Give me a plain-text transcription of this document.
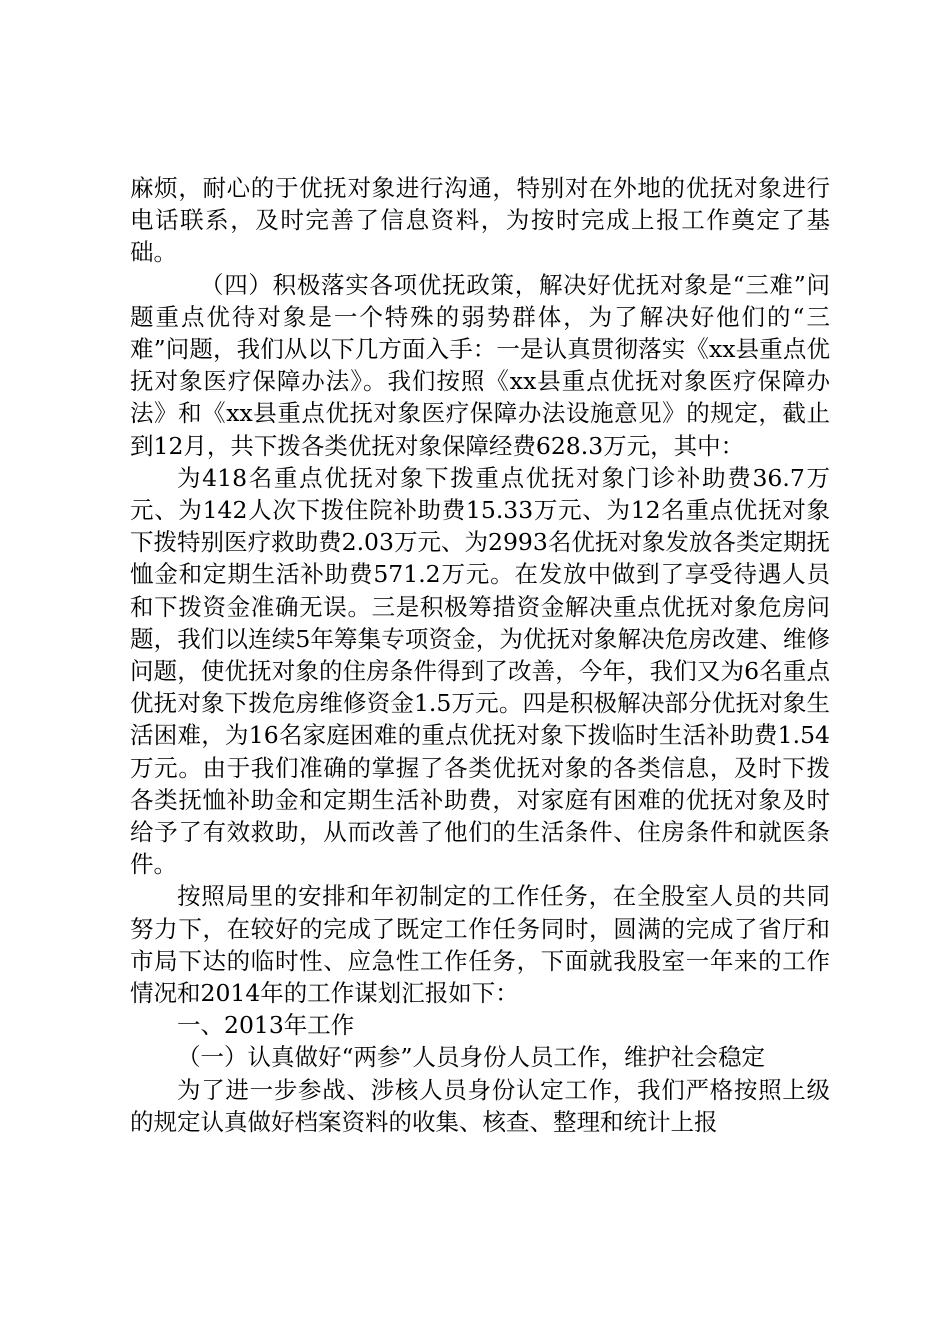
麻烦，耐心的于优抚对象进行沟通，特别对在外地的优抚对象进行电话联系，及时完善了信息资料，为按时完成上报工作奠定了基础。

（四）积极落实各项优抚政策，解决好优抚对象是“三难”问题重点优待对象是一个特殊的弱势群体，为了解决好他们的“三难”问题，我们从以下几方面入手：一是认真贯彻落实《xx县重点优抚对象医疗保障办法》。我们按照《xx县重点优抚对象医疗保障办法》和《xx县重点优抚对象医疗保障办法设施意见》的规定，截止到12月，共下拨各类优抚对象保障经费628.3万元，其中：

为418名重点优抚对象下拨重点优抚对象门诊补助费36.7万元、为142人次下拨住院补助费15.33万元、为12名重点优抚对象下拨特别医疗救助费2.03万元、为2993名优抚对象发放各类定期抚恤金和定期生活补助费571.2万元。在发放中做到了享受待遇人员和下拨资金准确无误。三是积极筹措资金解决重点优抚对象危房问题，我们以连续5年筹集专项资金，为优抚对象解决危房改建、维修问题，使优抚对象的住房条件得到了改善，今年，我们又为6名重点优抚对象下拨危房维修资金1.5万元。四是积极解决部分优抚对象生活困难，为16名家庭困难的重点优抚对象下拨临时生活补助费1.54万元。由于我们准确的掌握了各类优抚对象的各类信息，及时下拨各类抚恤补助金和定期生活补助费，对家庭有困难的优抚对象及时给予了有效救助，从而改善了他们的生活条件、住房条件和就医条件。

按照局里的安排和年初制定的工作任务，在全股室人员的共同努力下，在较好的完成了既定工作任务同时，圆满的完成了省厅和市局下达的临时性、应急性工作任务，下面就我股室一年来的工作情况和2014年的工作谋划汇报如下：

一、2013年工作

（一）认真做好“两参”人员身份人员工作，维护社会稳定

为了进一步参战、涉核人员身份认定工作，我们严格按照上级的规定认真做好档案资料的收集、核查、整理和统计上报
